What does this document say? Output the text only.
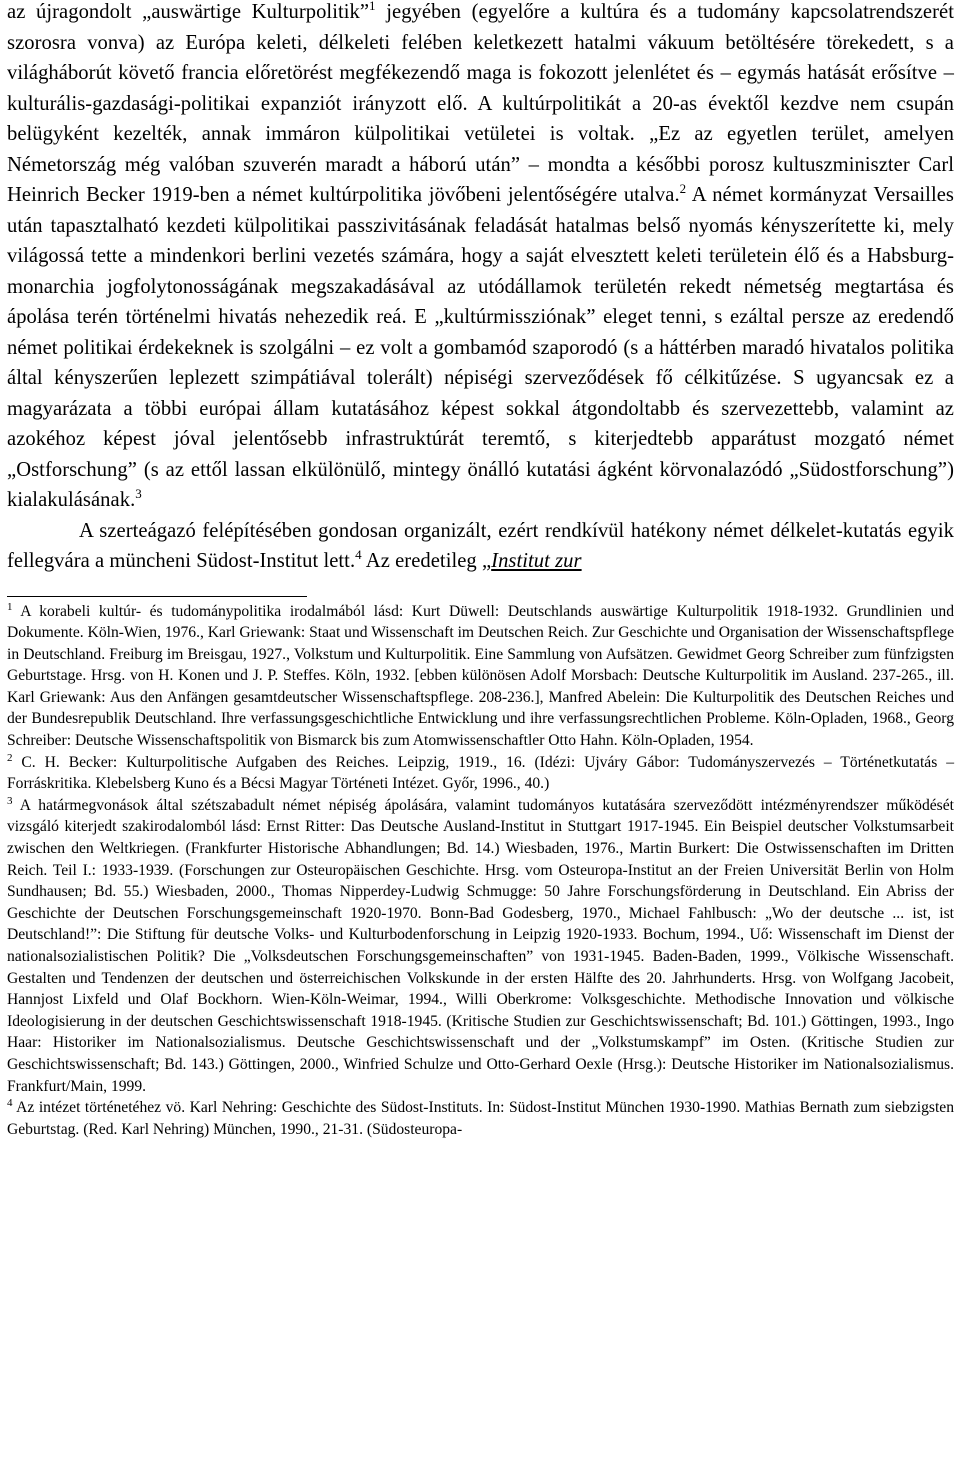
az újragondolt „auswärtige Kulturpolitik”$^1$ jegyében (egyelőre a kultúra és a tudomány kapcsolatrendszerét szorosra vonva) az Európa keleti, délkeleti felében keletkezett hatalmi vákuum betöltésére törekedett, s a világháborút követő francia előretörést megfékezendő maga is fokozott jelenlétet és – egymás hatását erősítve – kulturális-gazdasági-politikai expanziót irányzott elő. A kultúrpolitikát a 20-as évektől kezdve nem csupán belügyként kezelték, annak immáron külpolitikai vetületei is voltak. „Ez az egyetlen terület, amelyen Németország még valóban szuverén maradt a háború után” – mondta a későbbi porosz kultuszminiszter Carl Heinrich Becker 1919-ben a német kultúrpolitika jövőbeni jelentőségére utalva.$^2$ A német kormányzat Versailles után tapasztalható kezdeti külpolitikai passzivitásának feladását hatalmas belső nyomás kényszerítette ki, mely világossá tette a mindenkori berlini vezetés számára, hogy a saját elvesztett keleti területein élő és a Habsburg-monarchia jogfolytonosságának megszakadásával az utódállamok területén rekedt németség megtartása és ápolása terén történelmi hivatás nehezedik reá. E „kultúrmissziónak” eleget tenni, s ezáltal persze az eredendő német politikai érdekeknek is szolgálni – ez volt a gombamód szaporodó (s a háttérben maradó hivatalos politika által kényszerűen leplezett szimpátiával tolerált) népiségi szerveződések fő célkitűzése. S ugyancsak ez a magyarázata a többi európai állam kutatásához képest sokkal átgondoltabb és szervezettebb, valamint az azokéhoz képest jóval jelentősebb infrastruktúrát teremtő, s kiterjedtebb apparátust mozgató német „Ostforschung” (s az ettől lassan elkülönülő, mintegy önálló kutatási ágként körvonalazódó „Südostforschung”) kialakulásának.$^3$

A szerteágazó felépítésében gondosan organizált, ezért rendkívül hatékony német délkelet-kutatás egyik fellegvára a müncheni Südost-Institut lett.$^4$ Az eredetileg „Institut zur

$^1$ A korabeli kultúr- és tudománypolitika irodalmából lásd: Kurt Düwell: Deutschlands auswärtige Kulturpolitik 1918-1932. Grundlinien und Dokumente. Köln-Wien, 1976., Karl Griewank: Staat und Wissenschaft im Deutschen Reich. Zur Geschichte und Organisation der Wissenschaftspflege in Deutschland. Freiburg im Breisgau, 1927., Volkstum und Kulturpolitik. Eine Sammlung von Aufsätzen. Gewidmet Georg Schreiber zum fünfzigsten Geburtstage. Hrsg. von H. Konen und J. P. Steffes. Köln, 1932. [ebben különösen Adolf Morsbach: Deutsche Kulturpolitik im Ausland. 237-265., ill. Karl Griewank: Aus den Anfängen gesamtdeutscher Wissenschaftspflege. 208-236.], Manfred Abelein: Die Kulturpolitik des Deutschen Reiches und der Bundesrepublik Deutschland. Ihre verfassungsgeschichtliche Entwicklung und ihre verfassungsrechtlichen Probleme. Köln-Opladen, 1968., Georg Schreiber: Deutsche Wissenschaftspolitik von Bismarck bis zum Atomwissenschaftler Otto Hahn. Köln-Opladen, 1954.

$^2$ C. H. Becker: Kulturpolitische Aufgaben des Reiches. Leipzig, 1919., 16. (Idézi: Ujváry Gábor: Tudományszervezés – Történetkutatás – Forráskritika. Klebelsberg Kuno és a Bécsi Magyar Történeti Intézet. Győr, 1996., 40.)

$^3$ A határmegvonások által szétszabadult német népiség ápolására, valamint tudományos kutatására szerveződött intézményrendszer működését vizsgáló kiterjedt szakirodalomból lásd: Ernst Ritter: Das Deutsche Ausland-Institut in Stuttgart 1917-1945. Ein Beispiel deutscher Volkstumsarbeit zwischen den Weltkriegen. (Frankfurter Historische Abhandlungen; Bd. 14.) Wiesbaden, 1976., Martin Burkert: Die Ostwissenschaften im Dritten Reich. Teil I.: 1933-1939. (Forschungen zur Osteuropäischen Geschichte. Hrsg. vom Osteuropa-Institut an der Freien Universität Berlin von Holm Sundhausen; Bd. 55.) Wiesbaden, 2000., Thomas Nipperdey-Ludwig Schmugge: 50 Jahre Forschungsförderung in Deutschland. Ein Abriss der Geschichte der Deutschen Forschungsgemeinschaft 1920-1970. Bonn-Bad Godesberg, 1970., Michael Fahlbusch: „Wo der deutsche ... ist, ist Deutschland!”: Die Stiftung für deutsche Volks- und Kulturbodenforschung in Leipzig 1920-1933. Bochum, 1994., Uő: Wissenschaft im Dienst der nationalsozialistischen Politik? Die „Volksdeutschen Forschungsgemeinschaften” von 1931-1945. Baden-Baden, 1999., Völkische Wissenschaft. Gestalten und Tendenzen der deutschen und österreichischen Volkskunde in der ersten Hälfte des 20. Jahrhunderts. Hrsg. von Wolfgang Jacobeit, Hannjost Lixfeld und Olaf Bockhorn. Wien-Köln-Weimar, 1994., Willi Oberkrome: Volksgeschichte. Methodische Innovation und völkische Ideologisierung in der deutschen Geschichtswissenschaft 1918-1945. (Kritische Studien zur Geschichtswissenschaft; Bd. 101.) Göttingen, 1993., Ingo Haar: Historiker im Nationalsozialismus. Deutsche Geschichtswissenschaft und der „Volkstumskampf” im Osten. (Kritische Studien zur Geschichtswissenschaft; Bd. 143.) Göttingen, 2000., Winfried Schulze und Otto-Gerhard Oexle (Hrsg.): Deutsche Historiker im Nationalsozialismus. Frankfurt/Main, 1999.

$^4$ Az intézet történetéhez vö. Karl Nehring: Geschichte des Südost-Instituts. In: Südost-Institut München 1930-1990. Mathias Bernath zum siebzigsten Geburtstag. (Red. Karl Nehring) München, 1990., 21-31. (Südosteuropa-
